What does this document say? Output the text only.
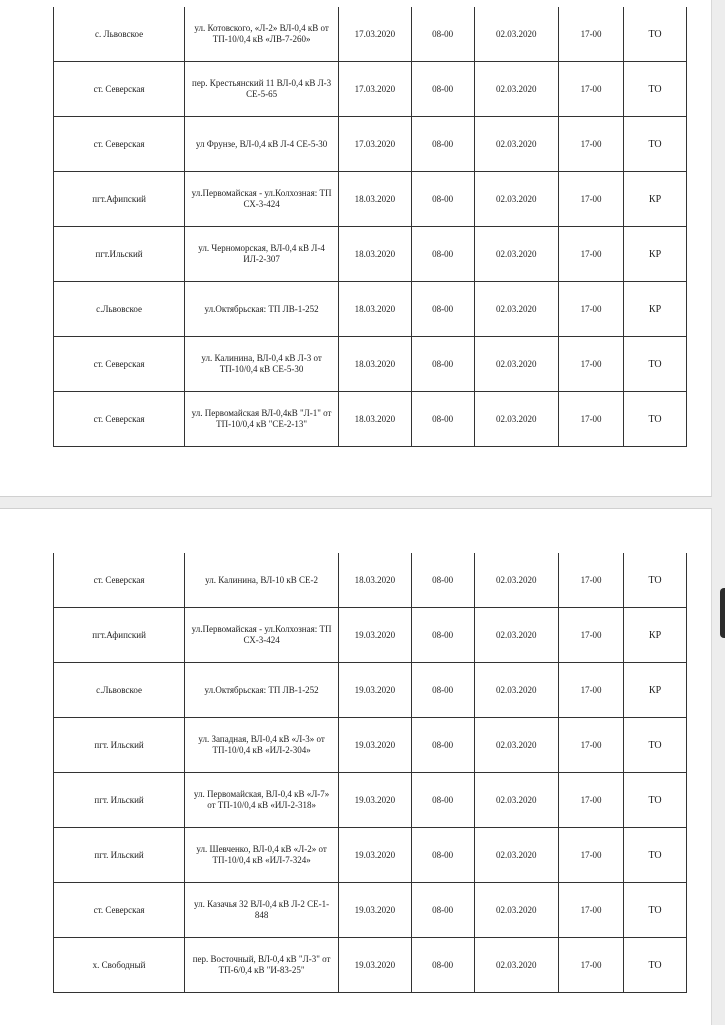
с. Львовское	ул. Котовского, «Л-2» ВЛ-0,4 кВ от ТП-10/0,4 кВ «ЛВ-7-260»	17.03.2020	08-00	02.03.2020	17-00	ТО
ст. Северская	пер. Крестьянский 11 ВЛ-0,4 кВ Л-3 СЕ-5-65	17.03.2020	08-00	02.03.2020	17-00	ТО
ст. Северская	ул Фрунзе, ВЛ-0,4 кВ Л-4 СЕ-5-30	17.03.2020	08-00	02.03.2020	17-00	ТО
пгт.Афипский	ул.Первомайская - ул.Колхозная: ТП СХ-3-424	18.03.2020	08-00	02.03.2020	17-00	КР
пгт.Ильский	ул. Черноморская, ВЛ-0,4 кВ Л-4 ИЛ-2-307	18.03.2020	08-00	02.03.2020	17-00	КР
с.Львовское	ул.Октябрьская: ТП ЛВ-1-252	18.03.2020	08-00	02.03.2020	17-00	КР
ст. Северская	ул. Калинина, ВЛ-0,4 кВ Л-3 от ТП-10/0,4 кВ СЕ-5-30	18.03.2020	08-00	02.03.2020	17-00	ТО
ст. Северская	ул. Первомайская ВЛ-0,4кВ "Л-1" от ТП-10/0,4 кВ "СЕ-2-13"	18.03.2020	08-00	02.03.2020	17-00	ТО
ст. Северская	ул. Калинина, ВЛ-10 кВ СЕ-2	18.03.2020	08-00	02.03.2020	17-00	ТО
пгт.Афипский	ул.Первомайская - ул.Колхозная: ТП СХ-3-424	19.03.2020	08-00	02.03.2020	17-00	КР
с.Львовское	ул.Октябрьская: ТП ЛВ-1-252	19.03.2020	08-00	02.03.2020	17-00	КР
пгт. Ильский	ул. Западная, ВЛ-0,4 кВ «Л-3» от ТП-10/0,4 кВ «ИЛ-2-304»	19.03.2020	08-00	02.03.2020	17-00	ТО
пгт. Ильский	ул. Первомайская, ВЛ-0,4 кВ «Л-7» от ТП-10/0,4 кВ «ИЛ-2-318»	19.03.2020	08-00	02.03.2020	17-00	ТО
пгт. Ильский	ул. Шевченко, ВЛ-0,4 кВ «Л-2» от ТП-10/0,4 кВ «ИЛ-7-324»	19.03.2020	08-00	02.03.2020	17-00	ТО
ст. Северская	ул. Казачья 32 ВЛ-0,4 кВ Л-2 СЕ-1-848	19.03.2020	08-00	02.03.2020	17-00	ТО
х. Свободный	пер. Восточный, ВЛ-0,4 кВ "Л-3" от ТП-6/0,4 кВ "И-83-25"	19.03.2020	08-00	02.03.2020	17-00	ТО
